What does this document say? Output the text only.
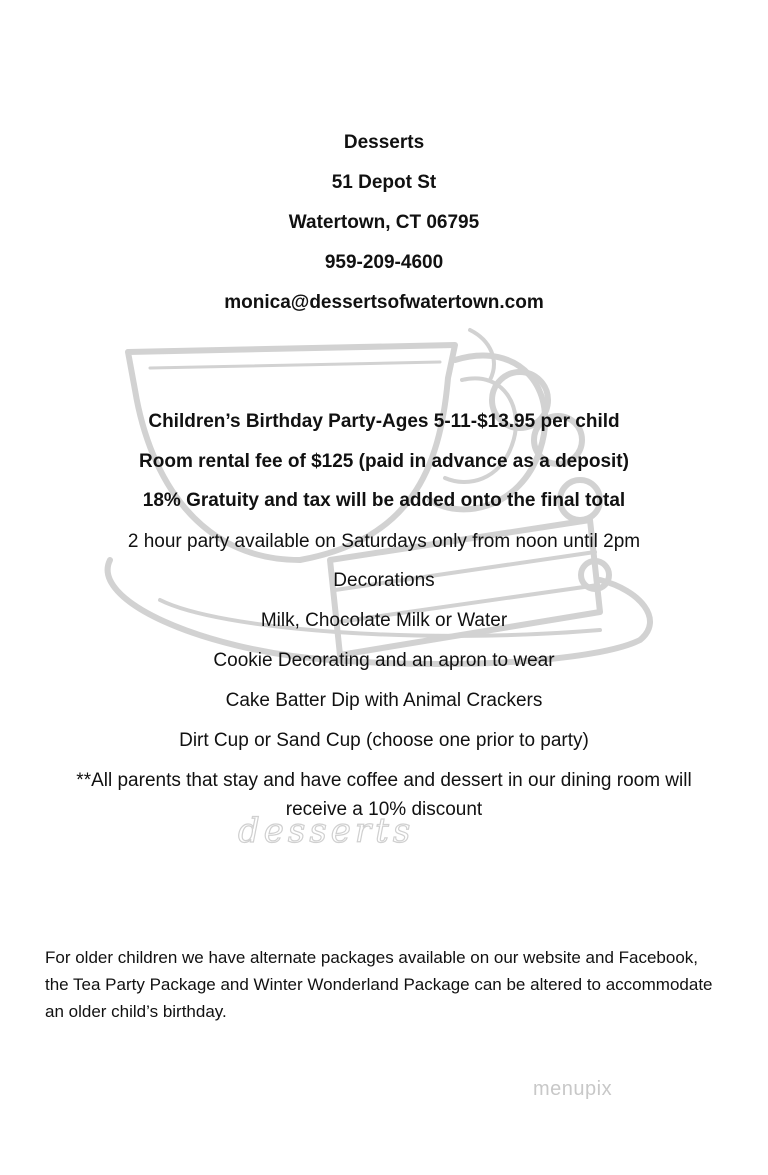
Desserts
51 Depot St
Watertown, CT 06795
959-209-4600
monica@dessertsofwatertown.com
Children’s Birthday Party-Ages 5-11-$13.95 per child
Room rental fee of $125 (paid in advance as a deposit)
18% Gratuity and tax will be added onto the final total
2 hour party available on Saturdays only from noon until 2pm
Decorations
Milk, Chocolate Milk or Water
Cookie Decorating and an apron to wear
Cake Batter Dip with Animal Crackers
Dirt Cup or Sand Cup (choose one prior to party)
**All parents that stay and have coffee and dessert in our dining room will receive a 10% discount
desserts
For older children we have alternate packages available on our website and Facebook, the Tea Party Package and Winter Wonderland Package can be altered to accommodate an older child’s birthday.
menupix
